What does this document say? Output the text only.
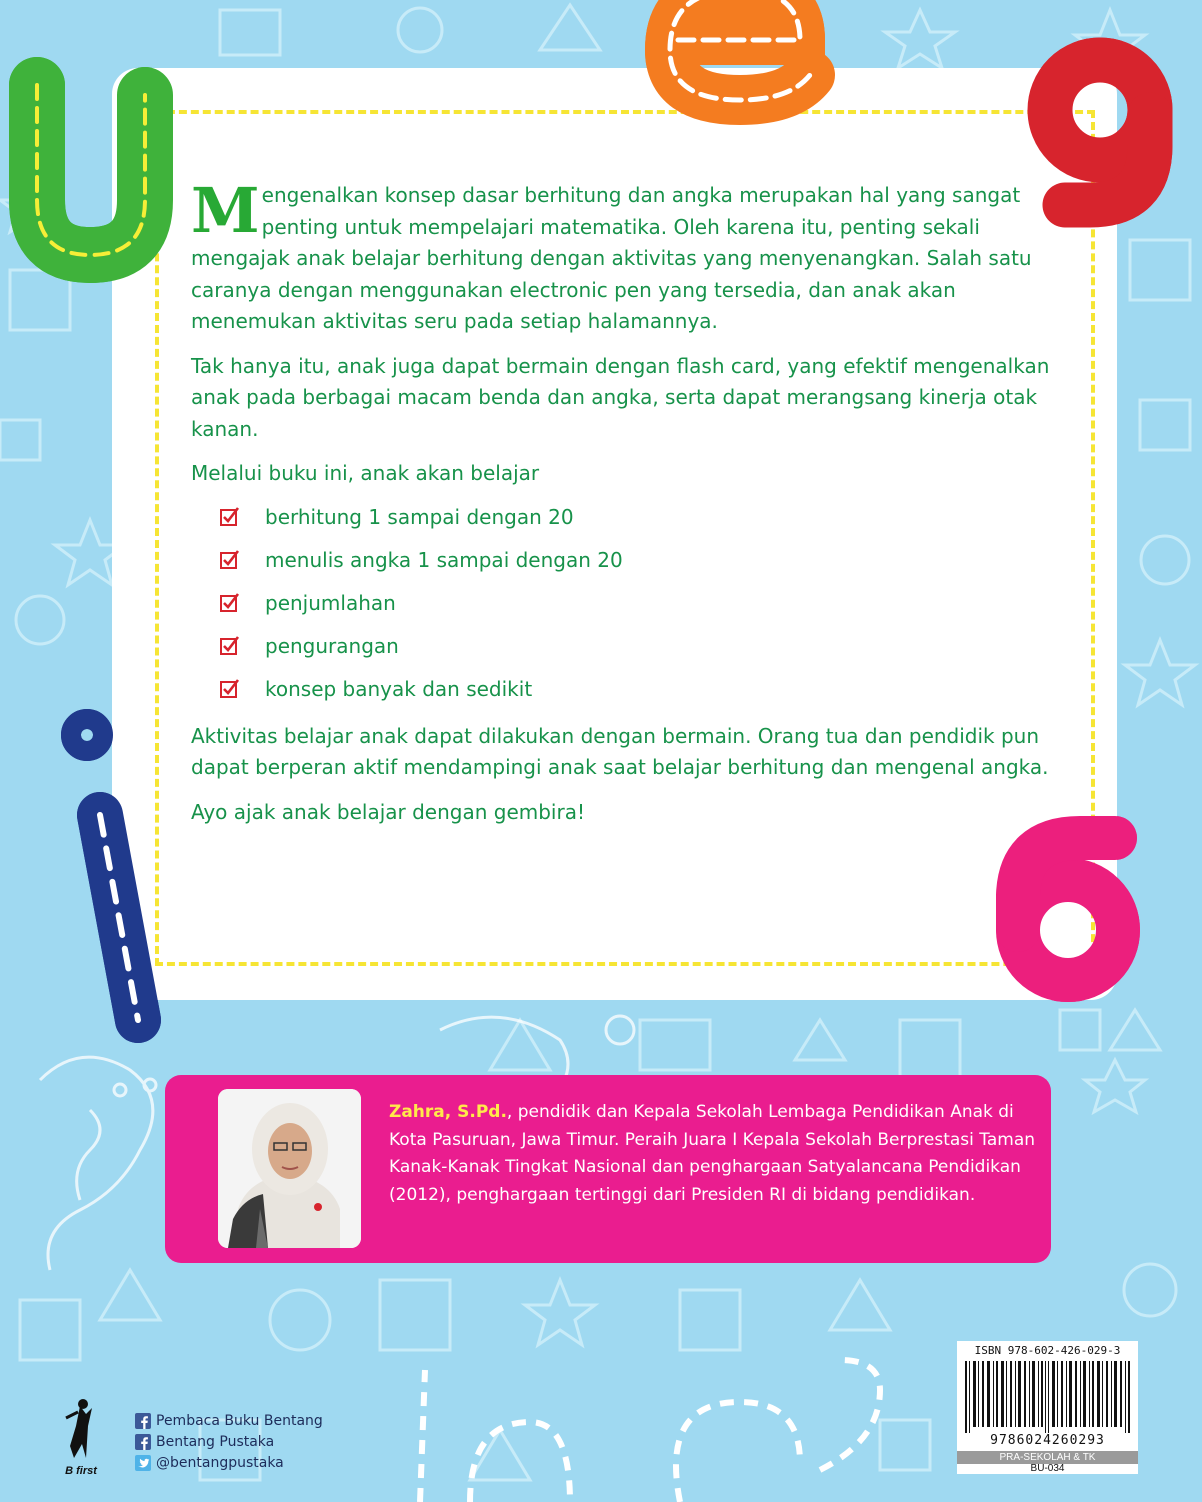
Mengenalkan konsep dasar berhitung dan angka merupakan hal yang sangat penting untuk mempelajari matematika. Oleh karena itu, penting sekali mengajak anak belajar berhitung dengan aktivitas yang menyenangkan. Salah satu caranya dengan menggunakan electronic pen yang tersedia, dan anak akan menemukan aktivitas seru pada setiap halamannya.

Tak hanya itu, anak juga dapat bermain dengan flash card, yang efektif mengenalkan anak pada berbagai macam benda dan angka, serta dapat merangsang kinerja otak kanan.

Melalui buku ini, anak akan belajar

berhitung 1 sampai dengan 20
menulis angka 1 sampai dengan 20
penjumlahan
pengurangan
konsep banyak dan sedikit

Aktivitas belajar anak dapat dilakukan dengan bermain. Orang tua dan pendidik pun dapat berperan aktif mendampingi anak saat belajar berhitung dan mengenal angka.

Ayo ajak anak belajar dengan gembira!

Zahra, S.Pd., pendidik dan Kepala Sekolah Lembaga Pendidikan Anak di Kota Pasuruan, Jawa Timur. Peraih Juara I Kepala Sekolah Berprestasi Taman Kanak-Kanak Tingkat Nasional dan penghargaan Satyalancana Pendidikan (2012), penghargaan tertinggi dari Presiden RI di bidang pendidikan.
B first
Pembaca Buku Bentang
Bentang Pustaka
@bentangpustaka
ISBN 978-602-426-029-3
9786024260293
PRA-SEKOLAH & TK
BU-034
